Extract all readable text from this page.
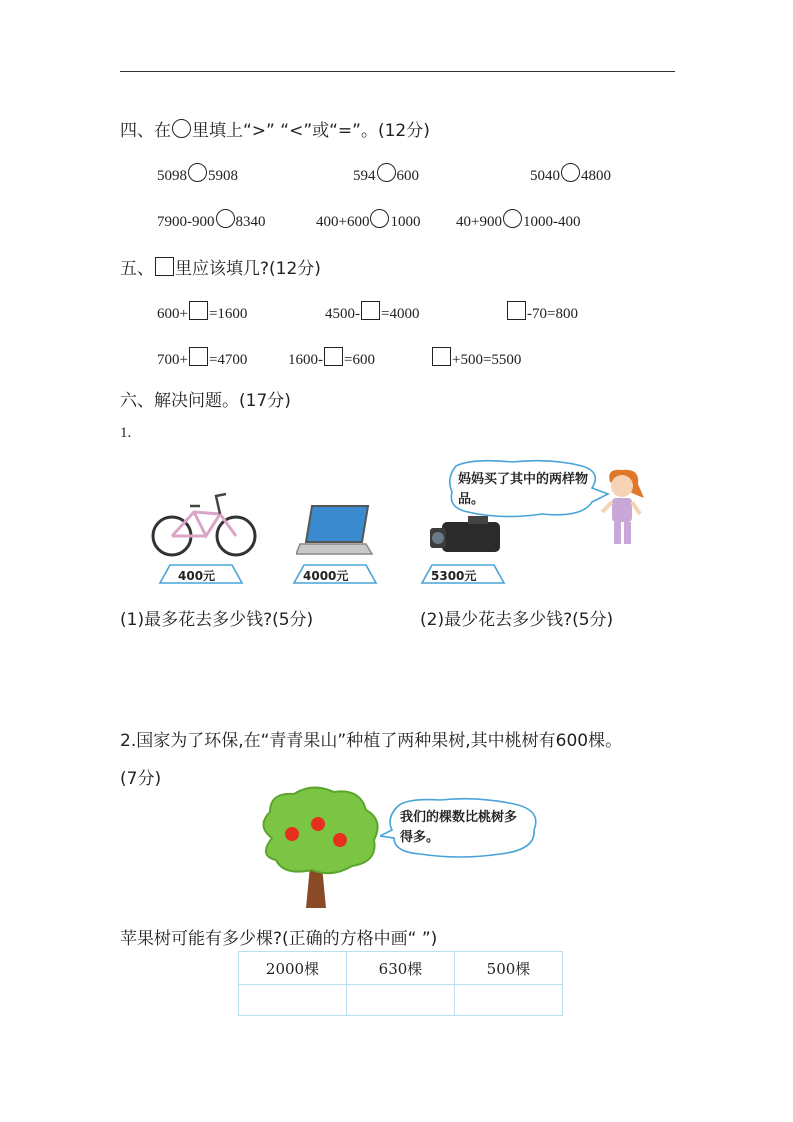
四、在 里填上“>” “<”或“=”。(12分)
5098 5908	594 600	5040 4800
7900-900 8340	400+600 1000 40+900 1000-400
五、 里应该填几?(12分)
600+ =1600	4500- =4000	-70=800
700+ =4700	1600- =600	+500=5500
六、解决问题。(17分)
1.
400元	4000元	5300元
妈妈买了其中的两样物品。
(1)最多花去多少钱?(5分)	(2)最少花去多少钱?(5分)
2.国家为了环保,在“青青果山”种植了两种果树,其中桃树有600棵。
(7分)
我们的棵数比桃树多得多。
苹果树可能有多少棵?(正确的方格中画“ ”)
2000棵	630棵	500棵
